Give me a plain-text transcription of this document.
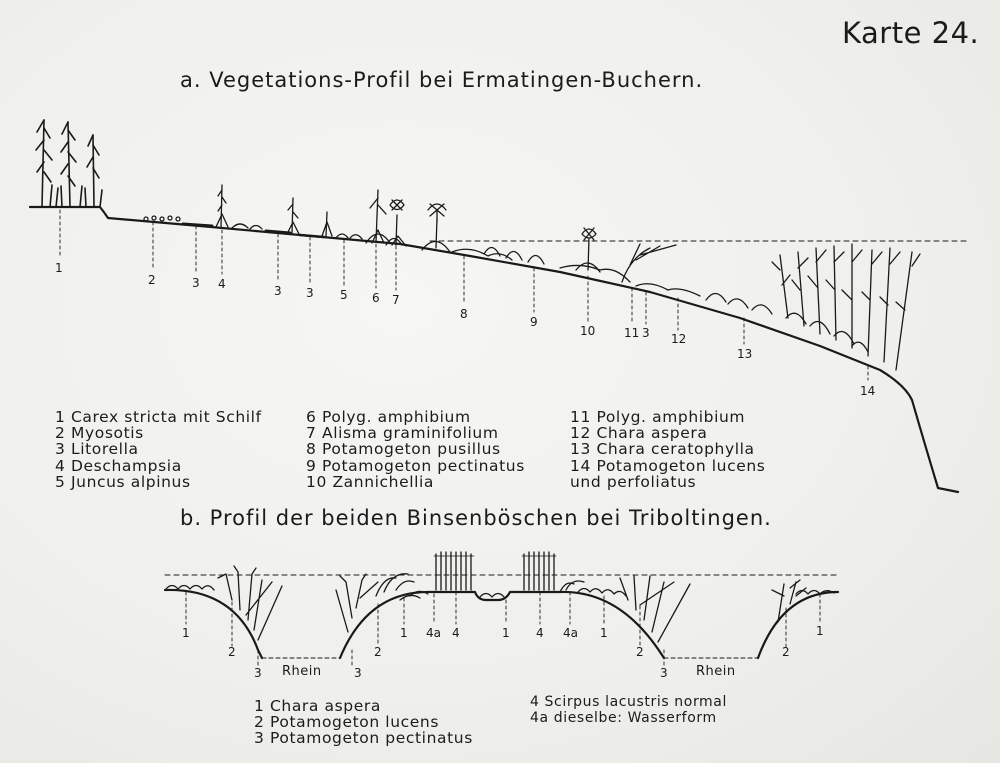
Karte 24.
a. Vegetations-Profil bei Ermatingen-Buchern.
1
2	3 4	3 3 5 6 7
8
9
10 11 3 12
13
14
1 Carex stricta mit Schilf
2 Myosotis
3 Litorella
4 Deschampsia
5 Juncus alpinus
6 Polyg. amphibium
7 Alisma graminifolium
8 Potamogeton pusillus
9 Potamogeton pectinatus
10 Zannichellia
11 Polyg. amphibium
12 Chara aspera
13 Chara ceratophylla
14 Potamogeton lucens
und perfoliatus
b. Profil der beiden Binsenböschen bei Triboltingen.
1
2
3	3
2
1 4a 4	1 4 4a 1
2
3
2
1
Rhein	Rhein
1 Chara aspera
2 Potamogeton lucens
3 Potamogeton pectinatus
4 Scirpus lacustris normal
4a dieselbe: Wasserform
